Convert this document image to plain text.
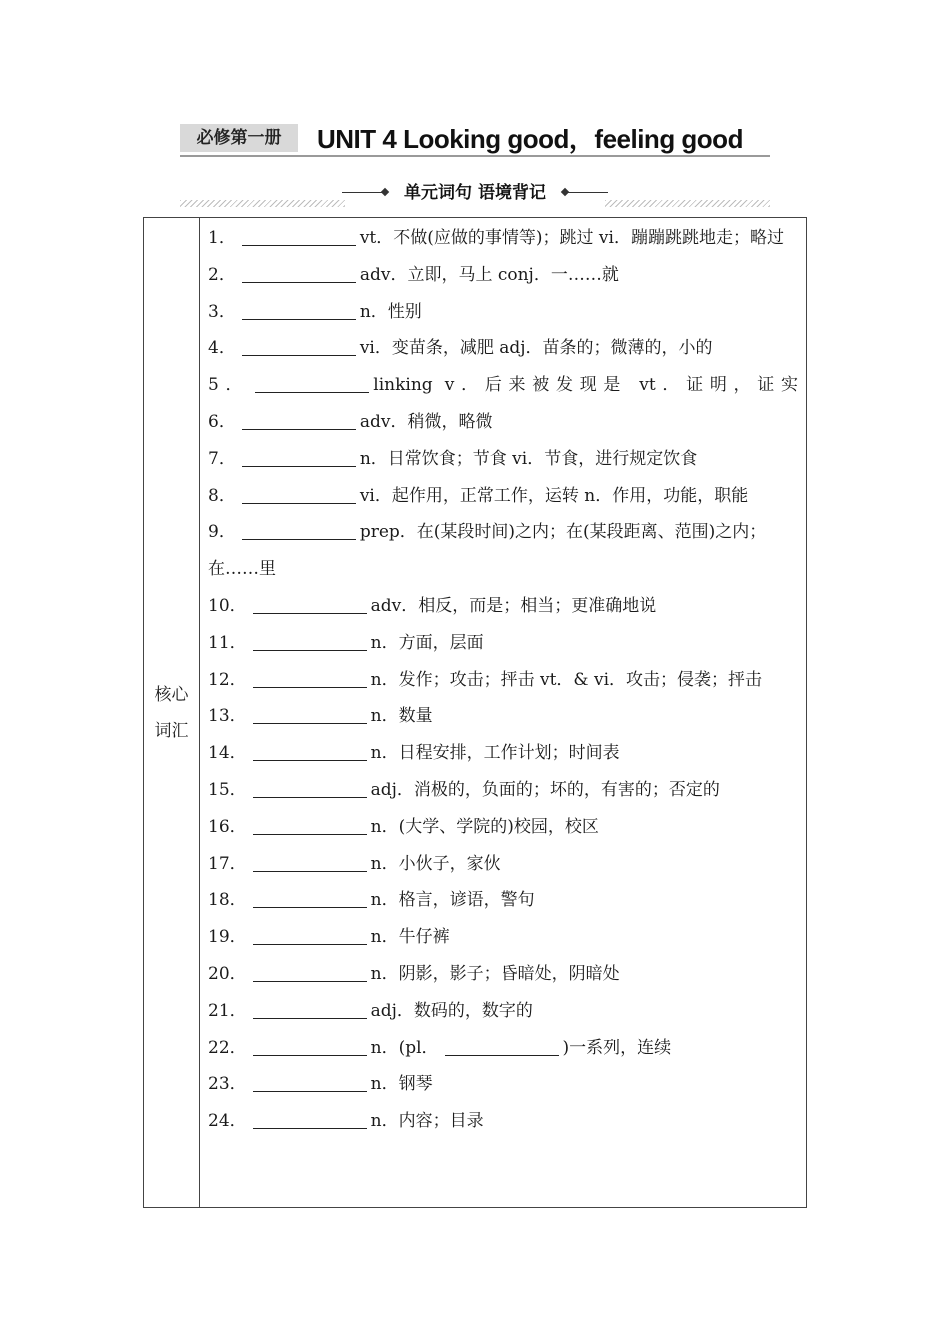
必修第一册	UNIT 4 Looking good，feeling good
单元词句 语境背记
核心词汇

1．	vt．不做(应做的事情等)；跳过 vi．蹦蹦跳跳地走；略过

2．	adv．立即，马上 conj．一……就

3．	n．性别

4．	vi．变苗条，减肥 adj．苗条的；微薄的，小的

5．	linking v．后来被发现是 vt．证明，证实

6．	adv．稍微，略微

7．	n．日常饮食；节食 vi．节食，进行规定饮食

8．	vi．起作用，正常工作，运转 n．作用，功能，职能

9．	prep．在(某段时间)之内；在(某段距离、范围)之内；在……里

10．	adv．相反，而是；相当；更准确地说

11．	n．方面，层面

12．	n．发作；攻击；抨击 vt．& vi．攻击；侵袭；抨击

13．	n．数量

14．	n．日程安排，工作计划；时间表

15．	adj．消极的，负面的；坏的，有害的；否定的

16．	n．(大学、学院的)校园，校区

17．	n．小伙子，家伙

18．	n．格言，谚语，警句

19．	n．牛仔裤

20．	n．阴影，影子；昏暗处，阴暗处

21．	adj．数码的，数字的

22．	n．(pl．	)一系列，连续

23．	n．钢琴

24．	n．内容；目录
